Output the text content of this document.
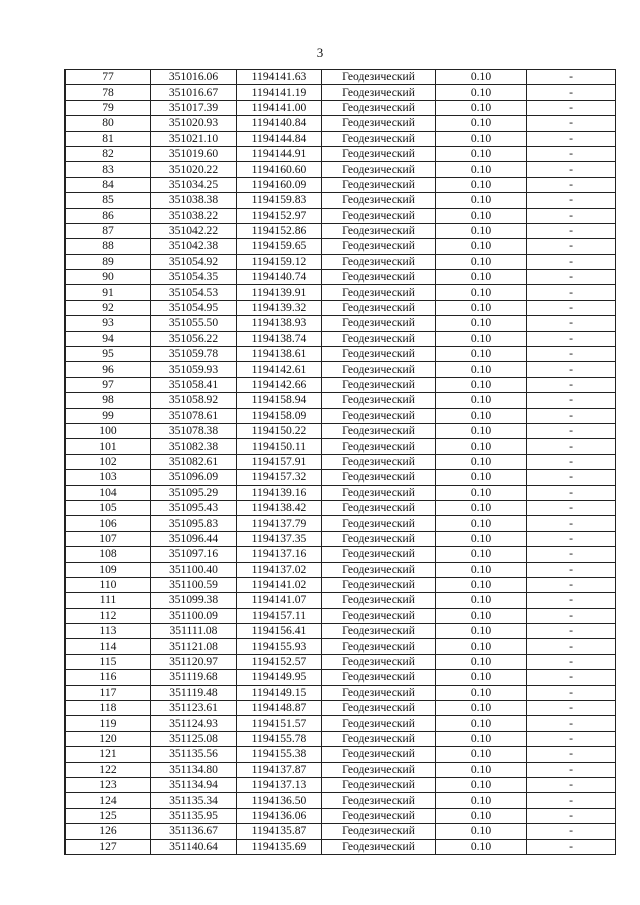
3
77	351016.06	1194141.63	Геодезический	0.10	-
78	351016.67	1194141.19	Геодезический	0.10	-
79	351017.39	1194141.00	Геодезический	0.10	-
80	351020.93	1194140.84	Геодезический	0.10	-
81	351021.10	1194144.84	Геодезический	0.10	-
82	351019.60	1194144.91	Геодезический	0.10	-
83	351020.22	1194160.60	Геодезический	0.10	-
84	351034.25	1194160.09	Геодезический	0.10	-
85	351038.38	1194159.83	Геодезический	0.10	-
86	351038.22	1194152.97	Геодезический	0.10	-
87	351042.22	1194152.86	Геодезический	0.10	-
88	351042.38	1194159.65	Геодезический	0.10	-
89	351054.92	1194159.12	Геодезический	0.10	-
90	351054.35	1194140.74	Геодезический	0.10	-
91	351054.53	1194139.91	Геодезический	0.10	-
92	351054.95	1194139.32	Геодезический	0.10	-
93	351055.50	1194138.93	Геодезический	0.10	-
94	351056.22	1194138.74	Геодезический	0.10	-
95	351059.78	1194138.61	Геодезический	0.10	-
96	351059.93	1194142.61	Геодезический	0.10	-
97	351058.41	1194142.66	Геодезический	0.10	-
98	351058.92	1194158.94	Геодезический	0.10	-
99	351078.61	1194158.09	Геодезический	0.10	-
100	351078.38	1194150.22	Геодезический	0.10	-
101	351082.38	1194150.11	Геодезический	0.10	-
102	351082.61	1194157.91	Геодезический	0.10	-
103	351096.09	1194157.32	Геодезический	0.10	-
104	351095.29	1194139.16	Геодезический	0.10	-
105	351095.43	1194138.42	Геодезический	0.10	-
106	351095.83	1194137.79	Геодезический	0.10	-
107	351096.44	1194137.35	Геодезический	0.10	-
108	351097.16	1194137.16	Геодезический	0.10	-
109	351100.40	1194137.02	Геодезический	0.10	-
110	351100.59	1194141.02	Геодезический	0.10	-
111	351099.38	1194141.07	Геодезический	0.10	-
112	351100.09	1194157.11	Геодезический	0.10	-
113	351111.08	1194156.41	Геодезический	0.10	-
114	351121.08	1194155.93	Геодезический	0.10	-
115	351120.97	1194152.57	Геодезический	0.10	-
116	351119.68	1194149.95	Геодезический	0.10	-
117	351119.48	1194149.15	Геодезический	0.10	-
118	351123.61	1194148.87	Геодезический	0.10	-
119	351124.93	1194151.57	Геодезический	0.10	-
120	351125.08	1194155.78	Геодезический	0.10	-
121	351135.56	1194155.38	Геодезический	0.10	-
122	351134.80	1194137.87	Геодезический	0.10	-
123	351134.94	1194137.13	Геодезический	0.10	-
124	351135.34	1194136.50	Геодезический	0.10	-
125	351135.95	1194136.06	Геодезический	0.10	-
126	351136.67	1194135.87	Геодезический	0.10	-
127	351140.64	1194135.69	Геодезический	0.10	-
